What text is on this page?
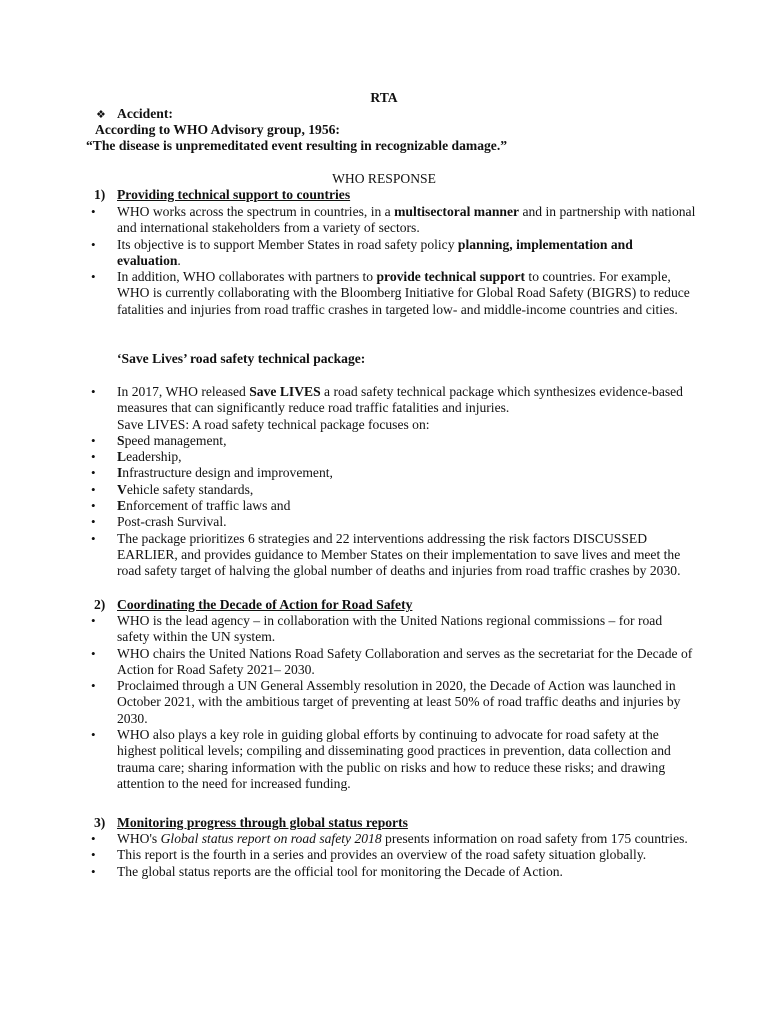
RTA
❖ Accident:
According to WHO Advisory group, 1956:
“The disease is unpremeditated event resulting in recognizable damage.”
WHO RESPONSE
1) Providing technical support to countries
• WHO works across the spectrum in countries, in a multisectoral manner and in partnership with national and international stakeholders from a variety of sectors.
• Its objective is to support Member States in road safety policy planning, implementation and evaluation.
• In addition, WHO collaborates with partners to provide technical support to countries. For example, WHO is currently collaborating with the Bloomberg Initiative for Global Road Safety (BIGRS) to reduce fatalities and injuries from road traffic crashes in targeted low- and middle-income countries and cities.
‘Save Lives’ road safety technical package:
• In 2017, WHO released Save LIVES a road safety technical package which synthesizes evidence-based measures that can significantly reduce road traffic fatalities and injuries.
Save LIVES: A road safety technical package focuses on:
• Speed management,
• Leadership,
• Infrastructure design and improvement,
• Vehicle safety standards,
• Enforcement of traffic laws and
• Post-crash Survival.
• The package prioritizes 6 strategies and 22 interventions addressing the risk factors DISCUSSED EARLIER, and provides guidance to Member States on their implementation to save lives and meet the road safety target of halving the global number of deaths and injuries from road traffic crashes by 2030.
2) Coordinating the Decade of Action for Road Safety
• WHO is the lead agency – in collaboration with the United Nations regional commissions – for road safety within the UN system.
• WHO chairs the United Nations Road Safety Collaboration and serves as the secretariat for the Decade of Action for Road Safety 2021– 2030.
• Proclaimed through a UN General Assembly resolution in 2020, the Decade of Action was launched in October 2021, with the ambitious target of preventing at least 50% of road traffic deaths and injuries by 2030.
• WHO also plays a key role in guiding global efforts by continuing to advocate for road safety at the highest political levels; compiling and disseminating good practices in prevention, data collection and trauma care; sharing information with the public on risks and how to reduce these risks; and drawing attention to the need for increased funding.
3) Monitoring progress through global status reports
• WHO's Global status report on road safety 2018 presents information on road safety from 175 countries.
• This report is the fourth in a series and provides an overview of the road safety situation globally.
• The global status reports are the official tool for monitoring the Decade of Action.
